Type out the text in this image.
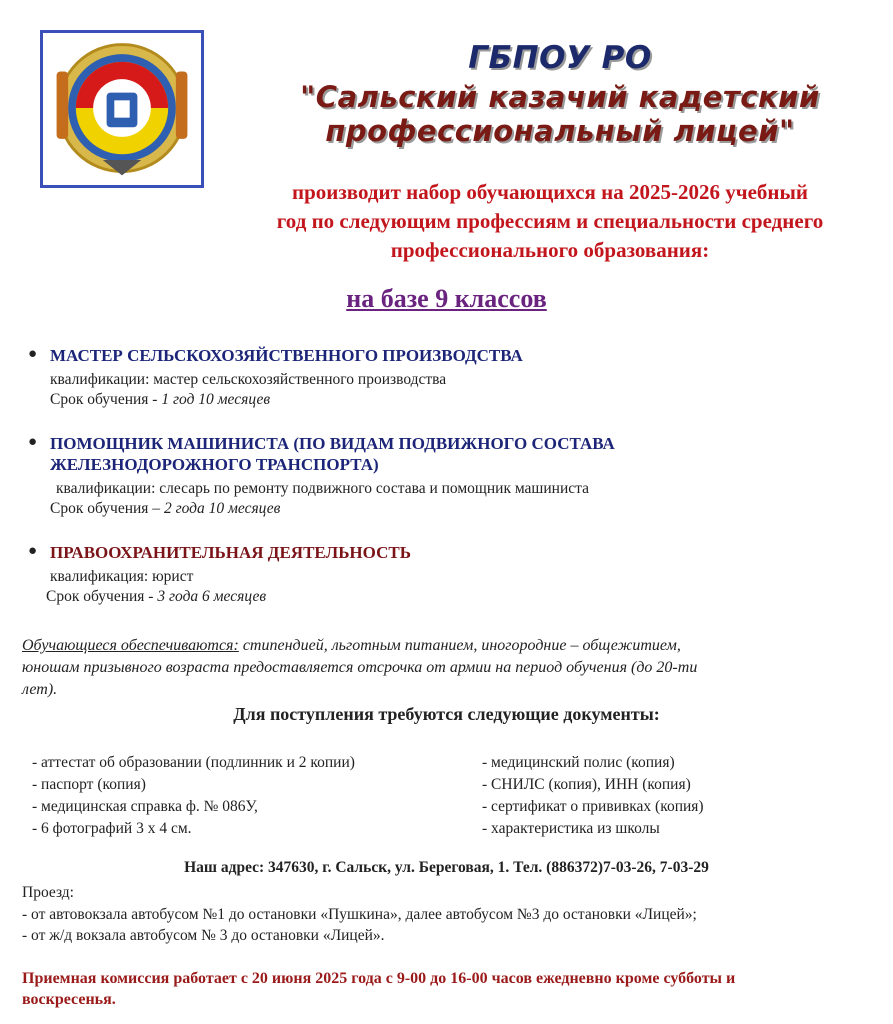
ГБПОУ РО
"Сальский казачий кадетский
профессиональный лицей"
производит набор обучающихся на 2025-2026 учебный
год по следующим профессиям и специальности среднего
профессионального образования:
на базе 9 классов
● МАСТЕР СЕЛЬСКОХОЗЯЙСТВЕННОГО ПРОИЗВОДСТВА
квалификации: мастер сельскохозяйственного производства
Срок обучения - 1 год 10 месяцев
● ПОМОЩНИК МАШИНИСТА (ПО ВИДАМ ПОДВИЖНОГО СОСТАВА
ЖЕЛЕЗНОДОРОЖНОГО ТРАНСПОРТА)
квалификации: слесарь по ремонту подвижного состава и помощник машиниста
Срок обучения – 2 года 10 месяцев
● ПРАВООХРАНИТЕЛЬНАЯ ДЕЯТЕЛЬНОСТЬ
квалификация: юрист
Срок обучения - 3 года 6 месяцев
Обучающиеся обеспечиваются: стипендией, льготным питанием, иногородние – общежитием,
юношам призывного возраста предоставляется отсрочка от армии на период обучения (до 20-ти
лет).
Для поступления требуются следующие документы:
- аттестат об образовании (подлинник и 2 копии)
- паспорт (копия)
- медицинская справка ф. № 086У,
- 6 фотографий 3 х 4 см.
- медицинский полис (копия)
- СНИЛС (копия), ИНН (копия)
- сертификат о прививках (копия)
- характеристика из школы
Наш адрес: 347630, г. Сальск, ул. Береговая, 1. Тел. (886372)7-03-26, 7-03-29
Проезд:
- от автовокзала автобусом №1 до остановки «Пушкина», далее автобусом №3 до остановки «Лицей»;
- от ж/д вокзала автобусом № 3 до остановки «Лицей».
Приемная комиссия работает с 20 июня 2025 года с 9-00 до 16-00 часов ежедневно кроме субботы и
воскресенья.
